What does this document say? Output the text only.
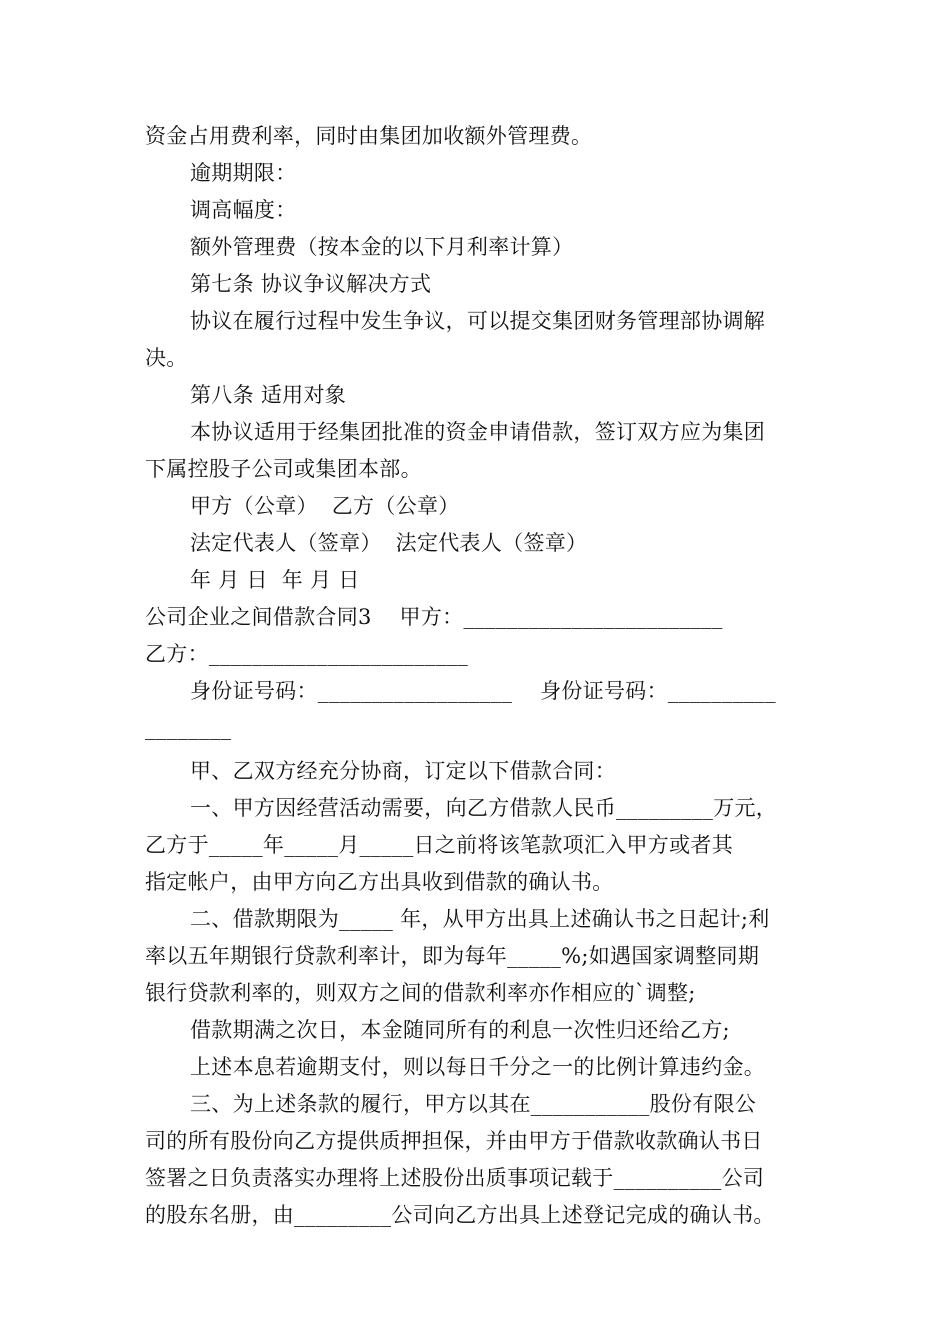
资金占用费利率，同时由集团加收额外管理费。
逾期期限：
调高幅度：
额外管理费（按本金的以下月利率计算）
第七条 协议争议解决方式
协议在履行过程中发生争议，可以提交集团财务管理部协调解
决。
第八条 适用对象
本协议适用于经集团批准的资金申请借款，签订双方应为集团
下属控股子公司或集团本部。
甲方（公章）  乙方（公章）
法定代表人（签章）  法定代表人（签章）
年 月 日  年 月 日
公司企业之间借款合同3    甲方：________________________
乙方：________________________
身份证号码：__________________    身份证号码：__________
________
甲、乙双方经充分协商，订定以下借款合同：
一、甲方因经营活动需要，向乙方借款人民币_________万元，
乙方于_____年_____月_____日之前将该笔款项汇入甲方或者其
指定帐户，由甲方向乙方出具收到借款的确认书。
二、借款期限为_____ 年，从甲方出具上述确认书之日起计;利
率以五年期银行贷款利率计，即为每年_____%;如遇国家调整同期
银行贷款利率的，则双方之间的借款利率亦作相应的`调整;
借款期满之次日，本金随同所有的利息一次性归还给乙方;
上述本息若逾期支付，则以每日千分之一的比例计算违约金。
三、为上述条款的履行，甲方以其在___________股份有限公
司的所有股份向乙方提供质押担保，并由甲方于借款收款确认书日
签署之日负责落实办理将上述股份出质事项记载于__________公司
的股东名册，由_________公司向乙方出具上述登记完成的确认书。
